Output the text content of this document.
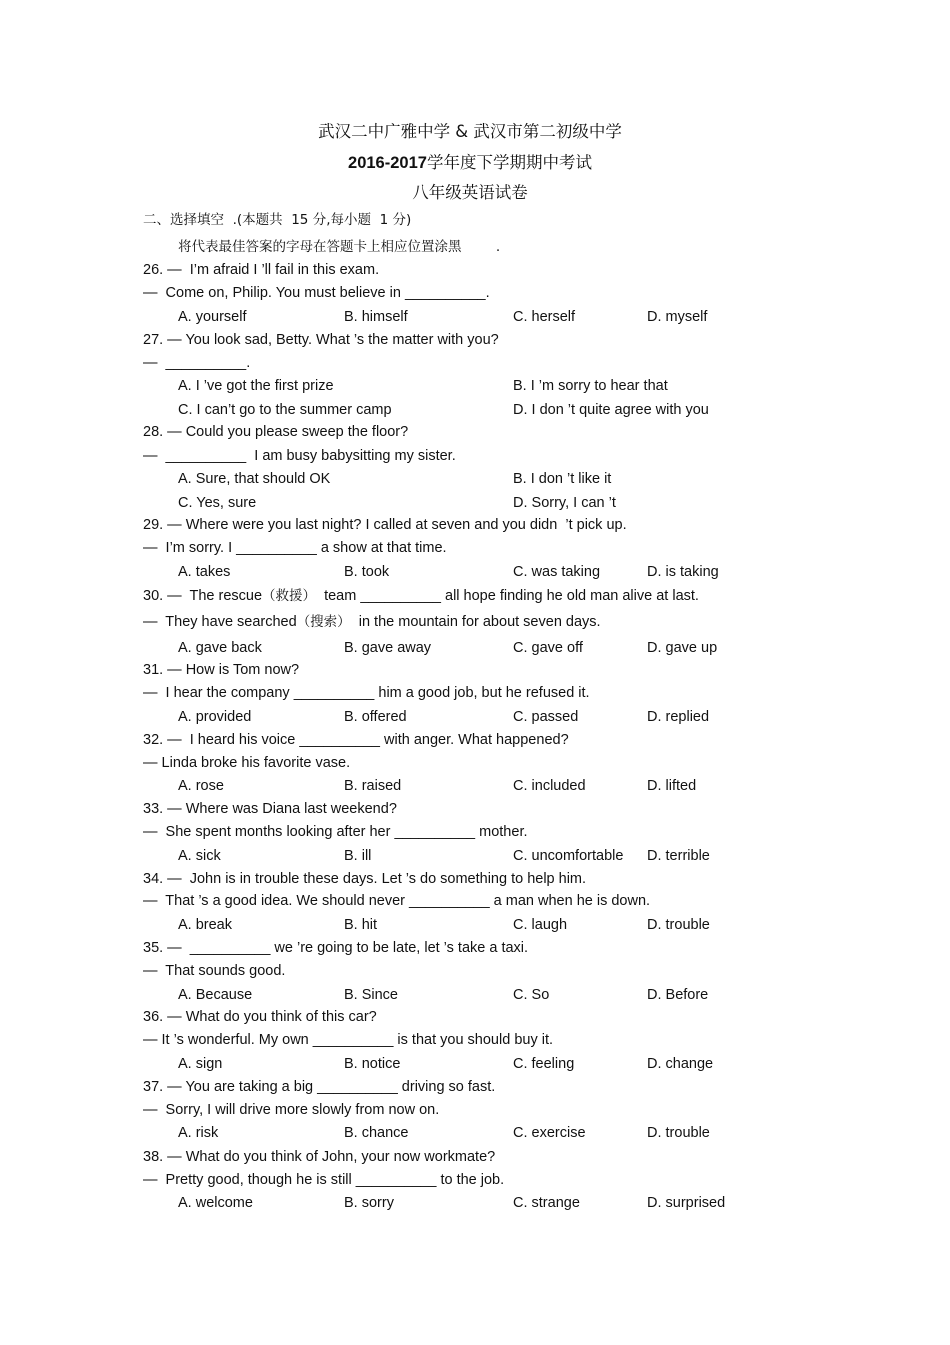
武汉二中广雅中学 & 武汉市第二初级中学
2016-2017学年度下学期期中考试
八年级英语试卷
二、选择填空  .(本题共  15 分,每小题  1 分)
将代表最佳答案的字母在答题卡上相应位置涂黑        .
26. —  I’m afraid I ’ll fail in this exam.
—  Come on, Philip. You must believe in __________.
A. yourself	B. himself	C. herself	D. myself
27. — You look sad, Betty. What ’s the matter with you?
—  __________.
A. I ’ve got the first prize	B. I ’m sorry to hear that
C. I can’t go to the summer camp	D. I don ’t quite agree with you
28. — Could you please sweep the floor?
—  __________  I am busy babysitting my sister.
A. Sure, that should OK	B. I don ’t like it
C. Yes, sure	D. Sorry, I can ’t
29. — Where were you last night? I called at seven and you didn  ’t pick up.
—  I’m sorry. I __________ a show at that time.
A. takes	B. took	C. was taking	D. is taking
30. —  The rescue（救援）  team __________ all hope finding he old man alive at last.
—  They have searched（搜索）  in the mountain for about seven days.
A. gave back	B. gave away	C. gave off	D. gave up
31. — How is Tom now?
—  I hear the company __________ him a good job, but he refused it.
A. provided	B. offered	C. passed	D. replied
32. —  I heard his voice __________ with anger. What happened?
— Linda broke his favorite vase.
A. rose	B. raised	C. included	D. lifted
33. — Where was Diana last weekend?
—  She spent months looking after her __________ mother.
A. sick	B. ill	C. uncomfortable D. terrible
34. —  John is in trouble these days. Let ’s do something to help him.
—  That ’s a good idea. We should never __________ a man when he is down.
A. break	B. hit	C. laugh	D. trouble
35. —  __________ we ’re going to be late, let ’s take a taxi.
—  That sounds good.
A. Because	B. Since	C. So	D. Before
36. — What do you think of this car?
— It ’s wonderful. My own __________ is that you should buy it.
A. sign	B. notice	C. feeling	D. change
37. — You are taking a big __________ driving so fast.
—  Sorry, I will drive more slowly from now on.
A. risk	B. chance	C. exercise	D. trouble
38. — What do you think of John, your now workmate?
—  Pretty good, though he is still __________ to the job.
A. welcome	B. sorry	C. strange	D. surprised
